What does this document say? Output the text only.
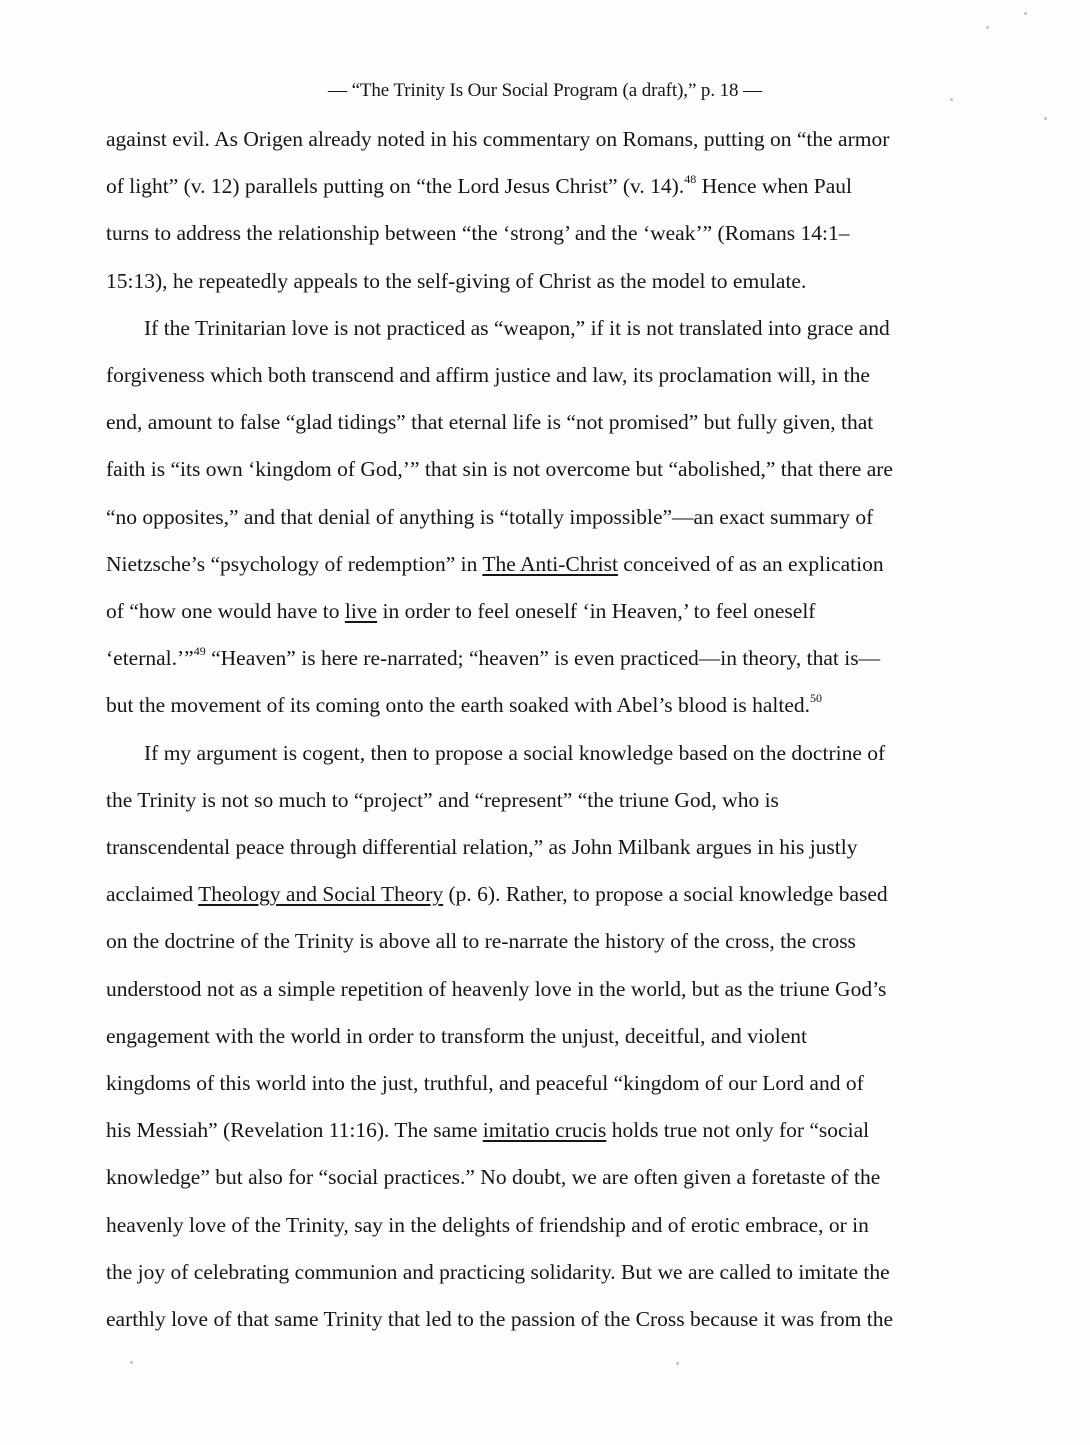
— “The Trinity Is Our Social Program (a draft),” p. 18 —
against evil. As Origen already noted in his commentary on Romans, putting on “the armor
of light” (v. 12) parallels putting on “the Lord Jesus Christ” (v. 14).$^{48}$ Hence when Paul
turns to address the relationship between “the ‘strong’ and the ‘weak’” (Romans 14:1–
15:13), he repeatedly appeals to the self-giving of Christ as the model to emulate.
If the Trinitarian love is not practiced as “weapon,” if it is not translated into grace and
forgiveness which both transcend and affirm justice and law, its proclamation will, in the
end, amount to false “glad tidings” that eternal life is “not promised” but fully given, that
faith is “its own ‘kingdom of God,’” that sin is not overcome but “abolished,” that there are
“no opposites,” and that denial of anything is “totally impossible”—an exact summary of
Nietzsche’s “psychology of redemption” in The Anti-Christ conceived of as an explication
of “how one would have to live in order to feel oneself ‘in Heaven,’ to feel oneself
‘eternal.’”$^{49}$ “Heaven” is here re-narrated; “heaven” is even practiced—in theory, that is—
but the movement of its coming onto the earth soaked with Abel’s blood is halted.$^{50}$
If my argument is cogent, then to propose a social knowledge based on the doctrine of
the Trinity is not so much to “project” and “represent” “the triune God, who is
transcendental peace through differential relation,” as John Milbank argues in his justly
acclaimed Theology and Social Theory (p. 6). Rather, to propose a social knowledge based
on the doctrine of the Trinity is above all to re-narrate the history of the cross, the cross
understood not as a simple repetition of heavenly love in the world, but as the triune God’s
engagement with the world in order to transform the unjust, deceitful, and violent
kingdoms of this world into the just, truthful, and peaceful “kingdom of our Lord and of
his Messiah” (Revelation 11:16). The same imitatio crucis holds true not only for “social
knowledge” but also for “social practices.” No doubt, we are often given a foretaste of the
heavenly love of the Trinity, say in the delights of friendship and of erotic embrace, or in
the joy of celebrating communion and practicing solidarity. But we are called to imitate the
earthly love of that same Trinity that led to the passion of the Cross because it was from the
